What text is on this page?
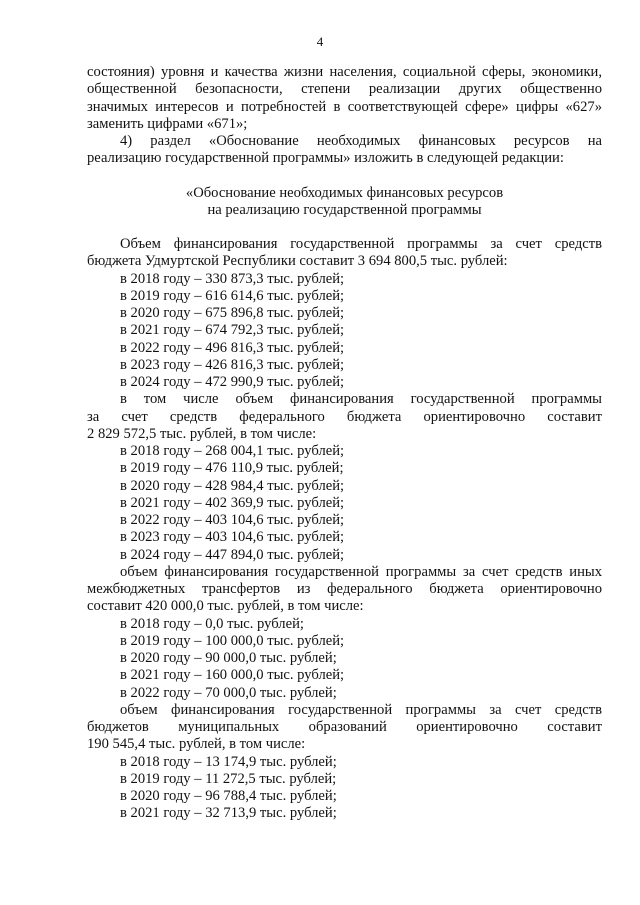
4
состояния) уровня и качества жизни населения, социальной сферы, экономики,
общественной безопасности, степени реализации других общественно
значимых интересов и потребностей в соответствующей сфере» цифры «627»
заменить цифрами «671»;
4) раздел «Обоснование необходимых финансовых ресурсов на
реализацию государственной программы» изложить в следующей редакции:
«Обоснование необходимых финансовых ресурсов
на реализацию государственной программы
Объем финансирования государственной программы за счет средств
бюджета Удмуртской Республики составит 3 694 800,5 тыс. рублей:
в 2018 году – 330 873,3 тыс. рублей;
в 2019 году – 616 614,6 тыс. рублей;
в 2020 году – 675 896,8 тыс. рублей;
в 2021 году – 674 792,3 тыс. рублей;
в 2022 году – 496 816,3 тыс. рублей;
в 2023 году – 426 816,3 тыс. рублей;
в 2024 году – 472 990,9 тыс. рублей;
в том числе объем финансирования государственной программы
за счет средств федерального бюджета ориентировочно составит
2 829 572,5 тыс. рублей, в том числе:
в 2018 году – 268 004,1 тыс. рублей;
в 2019 году – 476 110,9 тыс. рублей;
в 2020 году – 428 984,4 тыс. рублей;
в 2021 году – 402 369,9 тыс. рублей;
в 2022 году – 403 104,6 тыс. рублей;
в 2023 году – 403 104,6 тыс. рублей;
в 2024 году – 447 894,0 тыс. рублей;
объем финансирования государственной программы за счет средств иных
межбюджетных трансфертов из федерального бюджета ориентировочно
составит 420 000,0 тыс. рублей, в том числе:
в 2018 году – 0,0 тыс. рублей;
в 2019 году – 100 000,0 тыс. рублей;
в 2020 году – 90 000,0 тыс. рублей;
в 2021 году – 160 000,0 тыс. рублей;
в 2022 году – 70 000,0 тыс. рублей;
объем финансирования государственной программы за счет средств
бюджетов муниципальных образований ориентировочно составит
190 545,4 тыс. рублей, в том числе:
в 2018 году – 13 174,9 тыс. рублей;
в 2019 году – 11 272,5 тыс. рублей;
в 2020 году – 96 788,4 тыс. рублей;
в 2021 году – 32 713,9 тыс. рублей;
